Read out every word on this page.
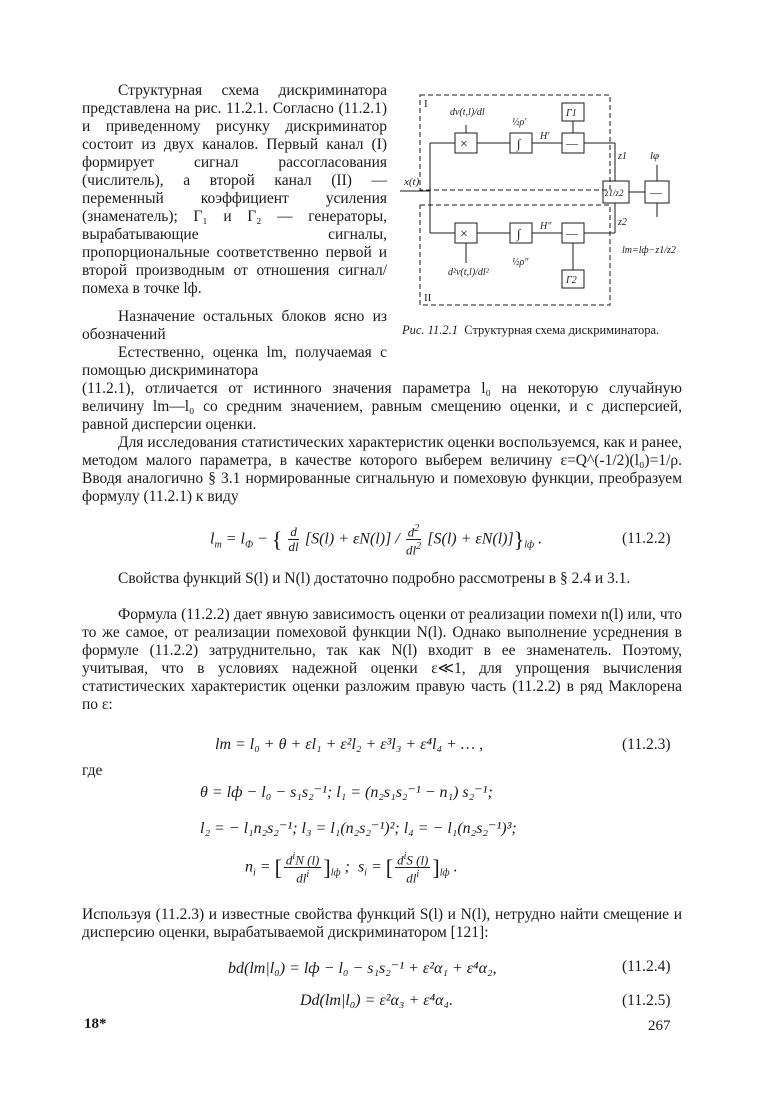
Структурная схема дискриминатора представлена на рис. 11.2.1. Согласно (11.2.1) и приведенному рисунку дискриминатор состоит из двух каналов. Первый канал (I) формирует сигнал рассогласования (числитель), а второй канал (II) — переменный коэффициент усиления (знаменатель); Г₁ и Г₂ — генераторы, вырабатывающие сигналы, пропорциональные соответственно первой и второй производным от отношения сигнал/помеха в точке lф.

Назначение остальных блоков ясно из обозначений

Естественно, оценка lm, получаемая с помощью дискриминатора

(11.2.1), отличается от истинного значения параметра l₀ на некоторую случайную величину lm—l₀ со средним значением, равным смещению оценки, и с дисперсией, равной дисперсии оценки.

Для исследования статистических характеристик оценки воспользуемся, как и ранее, методом малого параметра, в качестве которого выберем величину ε=Q^(-1/2)(l₀)=1/ρ. Вводя аналогично § 3.1 нормированные сигнальную и помеховую функции, преобразуем формулу (11.2.1) к виду

$l_m = l_Ф$ − { $\frac{d}{dl} [S(l) + \varepsilon N(l)] / \frac{d^2}{dl^2} [S(l) + \varepsilon N(l)]\}_{lф}$ .	(11.2.2)

Свойства функций S(l) и N(l) достаточно подробно рассмотрены в § 2.4 и 3.1.

Формула (11.2.2) дает явную зависимость оценки от реализации помехи n(l) или, что то же самое, от реализации помеховой функции N(l). Однако выполнение усреднения в формуле (11.2.2) затруднительно, так как N(l) входит в ее знаменатель. Поэтому, учитывая, что в условиях надежной оценки ε≪1, для упрощения вычисления статистических характеристик оценки разложим правую часть (11.2.2) в ряд Маклорена по ε:

lm = l₀ + θ + εl₁ + ε²l₂ + ε³l₃ + ε⁴l₄ + … ,	(11.2.3)
где
θ = lф − l₀ − s₁s₂⁻¹; l₁ = (n₂s₁s₂⁻¹ − n₁) s₂⁻¹;
l₂ = − l₁n₂s₂⁻¹; l₃ = l₁(n₂s₂⁻¹)²; l₄ = − l₁(n₂s₂⁻¹)³;
$n_i$ = [ $\frac{d^iN (l)}{dl^i} ]_{lф}$ ;  $s_i$ = [ $\frac{d^iS (l)}{dl^i} ]_{lф}$ .

Используя (11.2.3) и известные свойства функций S(l) и N(l), нетрудно найти смещение и дисперсию оценки, вырабатываемой дискриминатором [121]:

bd(lm|l₀) = lф − l₀ − s₁s₂⁻¹ + ε²α₁ + ε⁴α₂,	(11.2.4)
Dd(lm|l₀) = ε²α₃ + ε⁴α₄.	(11.2.5)
18*	267
I
II
x(t)
dv(t,l)/dl
×	∫
½ρ′
H′ —
Г1
z1
×
d²v(t,l)/dl²
∫
½ρ″
H″ —
Г2
z2
z1/z2 —
lφ
lm=lф−z1/z2
Рис. 11.2.1 Структурная схема дискриминатора.
